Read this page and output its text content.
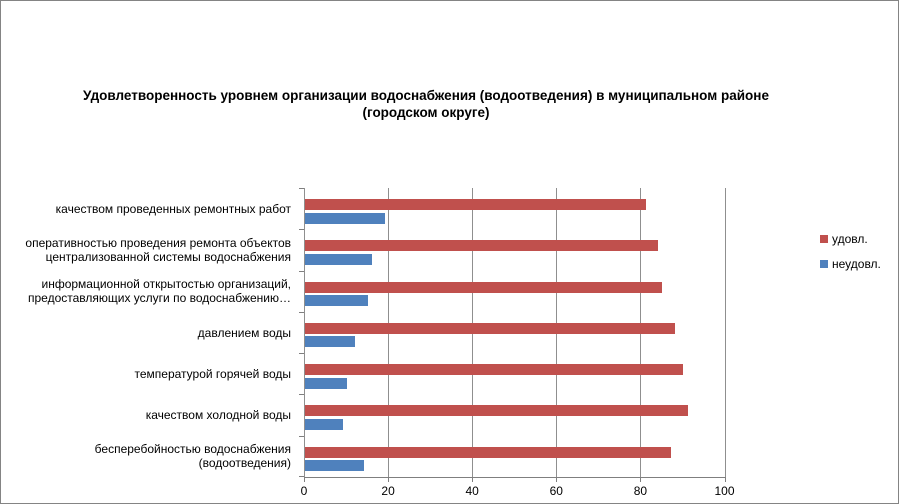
Удовлетворенность уровнем организации водоснабжения (водоотведения) в муниципальном районе (городском округе)
качеством проведенных ремонтных работ
оперативностью проведения ремонта объектов централизованной системы водоснабжения
информационной открытостью организаций, предоставляющих услуги по водоснабжению…
давлением воды
температурой горячей воды
качеством холодной воды
бесперебойностью водоснабжения (водоотведения)
0	20	40	60	80	100
удовл.
неудовл.
